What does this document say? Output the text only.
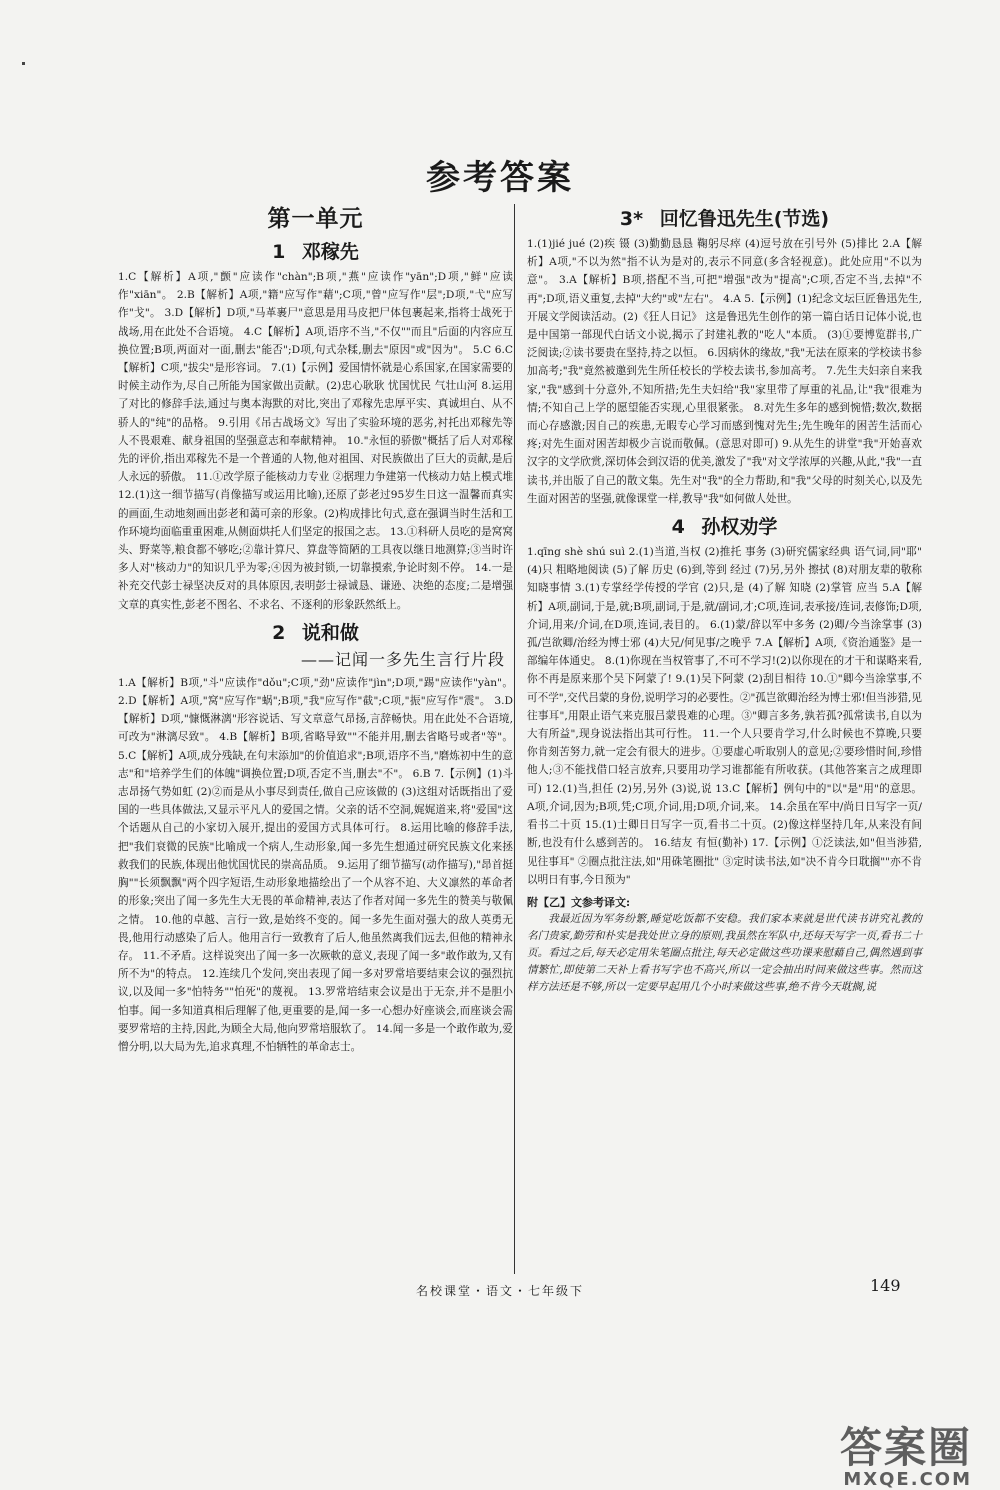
参考答案
第一单元
1 邓稼先

1.C【解析】A项,"颤"应读作"chàn";B项,"燕"应读作"yān";D项,"鲜"应读作"xiān"。 2.B【解析】A项,"籍"应写作"藉";C项,"曾"应写作"层";D项,"弋"应写作"戈"。 3.D【解析】D项,"马革裹尸"意思是用马皮把尸体包裹起来,指将士战死于战场,用在此处不合语境。 4.C【解析】A项,语序不当,"不仅""而且"后面的内容应互换位置;B项,两面对一面,删去"能否";D项,句式杂糅,删去"原因"或"因为"。 5.C 6.C【解析】C项,"拔尖"是形容词。 7.(1)【示例】爱国情怀就是心系国家,在国家需要的时候主动作为,尽自己所能为国家做出贡献。(2)忠心耿耿 忧国忧民 气壮山河 8.运用了对比的修辞手法,通过与奥本海默的对比,突出了邓稼先忠厚平实、真诚坦白、从不骄人的"纯"的品格。 9.引用《吊古战场文》写出了实验环境的恶劣,衬托出邓稼先等人不畏艰难、献身祖国的坚强意志和奉献精神。 10."永恒的骄傲"概括了后人对邓稼先的评价,指出邓稼先不是一个普通的人物,他对祖国、对民族做出了巨大的贡献,是后人永远的骄傲。 11.①改学原子能核动力专业 ②据理力争建第一代核动力姑上模式堆 12.(1)这一细节描写(肖像描写或运用比喻),还原了彭老过95岁生日这一温馨而真实的画面,生动地刻画出彭老和蔼可亲的形象。(2)构成排比句式,意在强调当时生活和工作环境均面临重重困难,从侧面烘托人们坚定的报国之志。 13.①科研人员吃的是窝窝头、野菜等,粮食都不够吃;②靠计算尺、算盘等简陋的工具夜以继日地测算;③当时许多人对"核动力"的知识几乎为零;④因为被封锁,一切靠摸索,争论时刻不停。 14.一是补充交代彭士禄坚决反对的具体原因,表明彭士禄诚恳、谦逊、决绝的态度;二是增强文章的真实性,彭老不图名、不求名、不逐利的形象跃然纸上。

2 说和做
——记闻一多先生言行片段

1.A【解析】B项,"斗"应读作"dǒu";C项,"劲"应读作"jìn";D项,"踢"应读作"yàn"。 2.D【解析】A项,"窝"应写作"蜗";B项,"我"应写作"截";C项,"振"应写作"震"。 3.D【解析】D项,"慷慨淋漓"形容说话、写文章意气昂扬,言辞畅快。用在此处不合语境,可改为"淋漓尽致"。 4.B【解析】B项,省略导致""不能并用,删去省略号或者"等"。 5.C【解析】A项,成分残缺,在句末添加"的价值追求";B项,语序不当,"磨炼初中生的意志"和"培养学生们的体魄"调换位置;D项,否定不当,删去"不"。 6.B 7.【示例】(1)斗志昂扬气势如虹 (2)②而是从小事尽到责任,做自己应该做的 (3)这组对话既指出了爱国的一些具体做法,又显示平凡人的爱国之情。父亲的话不空洞,娓娓道来,将"爱国"这个话题从自己的小家切入展开,提出的爱国方式具体可行。 8.运用比喻的修辞手法,把"我们衰微的民族"比喻成一个病人,生动形象,闻一多先生想通过研究民族文化来拯救我们的民族,体现出他忧国忧民的崇高品质。 9.运用了细节描写(动作描写),"昂首挺胸""长须飘飘"两个四字短语,生动形象地描绘出了一个从容不迫、大义凛然的革命者的形象;突出了闻一多先生大无畏的革命精神,表达了作者对闻一多先生的赞美与敬佩之情。 10.他的卓越、言行一致,是始终不变的。闻一多先生面对强大的敌人英勇无畏,他用行动感染了后人。他用言行一致教育了后人,他虽然离我们远去,但他的精神永存。 11.不矛盾。这样说突出了闻一多一次厥軟的意义,表现了闻一多"敢作敢为,又有所不为"的特点。 12.连续几个发问,突出表现了闻一多对罗常培要结束会议的强烈抗议,以及闻一多"怕特务""怕死"的蔑视。 13.罗常培结束会议是出于无奈,并不是胆小怕事。闻一多知道真相后理解了他,更重要的是,闻一多一心想办好座谈会,而座谈会需要罗常培的主持,因此,为顾全大局,他向罗常培服软了。 14.闻一多是一个敢作敢为,爱憎分明,以大局为先,追求真理,不怕牺牲的革命志士。

3* 回忆鲁迅先生(节选)

1.(1)jié jué (2)疾 镊 (3)勤勤恳恳 鞠躬尽瘁 (4)逗号放在引号外 (5)排比 2.A【解析】A项,"不以为然"指不认为是对的,表示不同意(多含轻视意)。此处应用"不以为意"。 3.A【解析】B项,搭配不当,可把"增强"改为"提高";C项,否定不当,去掉"不再";D项,语义重复,去掉"大约"或"左右"。 4.A 5.【示例】(1)纪念文坛巨匠鲁迅先生,开展文学阅读活动。(2)《狂人日记》 这是鲁迅先生创作的第一篇白话日记体小说,也是中国第一部现代白话文小说,揭示了封建礼教的"吃人"本质。 (3)①要博览群书,广泛阅读;②读书要贵在坚持,持之以恒。 6.因病休的缘故,"我"无法在原来的学校读书参加高考;"我"竟然被邀到先生所任校长的学校去读书,参加高考。 7.先生夫妇亲自来我家,"我"感到十分意外,不知所措;先生夫妇给"我"家里带了厚重的礼品,让"我"很难为情;不知自己上学的愿望能否实现,心里很紧张。 8.对先生多年的感到惋惜;数次,数据而心存感激;因自己的疾患,无暇专心学习而感到愧对先生;先生晚年的困苦生活而心疼;对先生面对困苦却极少言说而敬佩。(意思对即可) 9.从先生的讲堂"我"开始喜欢汉字的文学欣赏,深切体会到汉语的优美,激发了"我"对文学浓厚的兴趣,从此,"我"一直读书,并出版了自己的散文集。先生对"我"的全力帮助,和"我"父母的时刻关心,以及先生面对困苦的坚强,就像课堂一样,教导"我"如何做人处世。

4 孙权劝学

1.qīng shè shú suì 2.(1)当道,当权 (2)推托 事务 (3)研究儒家经典 语气词,同"耶" (4)只 粗略地阅读 (5)了解 历史 (6)到,等到 经过 (7)另,另外 擦拭 (8)对朋友辈的敬称 知晓事情 3.(1)专掌经学传授的学官 (2)只,是 (4)了解 知晓 (2)掌管 应当 5.A【解析】A项,副词,于是,就;B项,副词,于是,就/副词,才;C项,连词,表承接/连词,表修饰;D项,介词,用来/介词,在D项,连词,表目的。 6.(1)蒙/辞以军中多务 (2)卿/今当涂掌事 (3)孤/岂欲卿/治经为博士邪 (4)大兄/何见事/之晚乎 7.A【解析】A项,《资治通鉴》是一部编年体通史。 8.(1)你现在当权管事了,不可不学习!(2)以你现在的才干和谋略来看,你不再是原来那个吴下阿蒙了! 9.(1)吴下阿蒙 (2)刮目相待 10.①"卿今当涂掌事,不可不学",交代吕蒙的身份,说明学习的必要性。②"孤岂欲卿治经为博士邪!但当涉猎,见往事耳",用限止语气来克服吕蒙畏难的心理。③"卿言多务,孰若孤?孤常读书,自以为大有所益",现身说法指出其可行性。 11.一个人只要肯学习,什么时候也不算晚,只要你肯刻苦努力,就一定会有很大的进步。①要虚心听取别人的意见;②要珍惜时间,珍惜他人;③不能找借口轻言放弃,只要用功学习谁都能有所收获。(其他答案言之成理即可) 12.(1)当,担任 (2)另,另外 (3)说,说 13.C【解析】例句中的"以"是"用"的意思。A项,介词,因为;B项,凭;C项,介词,用;D项,介词,来。 14.余虽在军中/尚日日写字一页/看书二十页 15.(1)士卿日日写字一页,看书二十页。(2)像这样坚持几年,从来没有间断,也没有什么感到苦的。 16.结友 有恒(勤补) 17.【示例】①泛读法,如"但当涉猎,见往事耳" ②圈点批注法,如"用硃笔圈批" ③定时读书法,如"决不肯今日耽搁""亦不肯以明日有事,今日预为"

附【乙】文参考译文:

我最近因为军务纷繁,睡觉吃饭都不安稳。我们家本来就是世代读书讲究礼教的名门贵家,勤劳和朴实是我处世立身的原则,我虽然在军队中,还每天写字一页,看书二十页。看过之后,每天必定用朱笔圈点批注,每天必定做这些功课来慰藉自己,偶然遇到事情繁忙,即使第二天补上看书写字也不高兴,所以一定会抽出时间来做这些事。然而这样方法还是不够,所以一定要早起用几个小时来做这些事,绝不肯今天耽搁,说

名校课堂・语文・七年级下	149
答案圈
MXQE.COM
